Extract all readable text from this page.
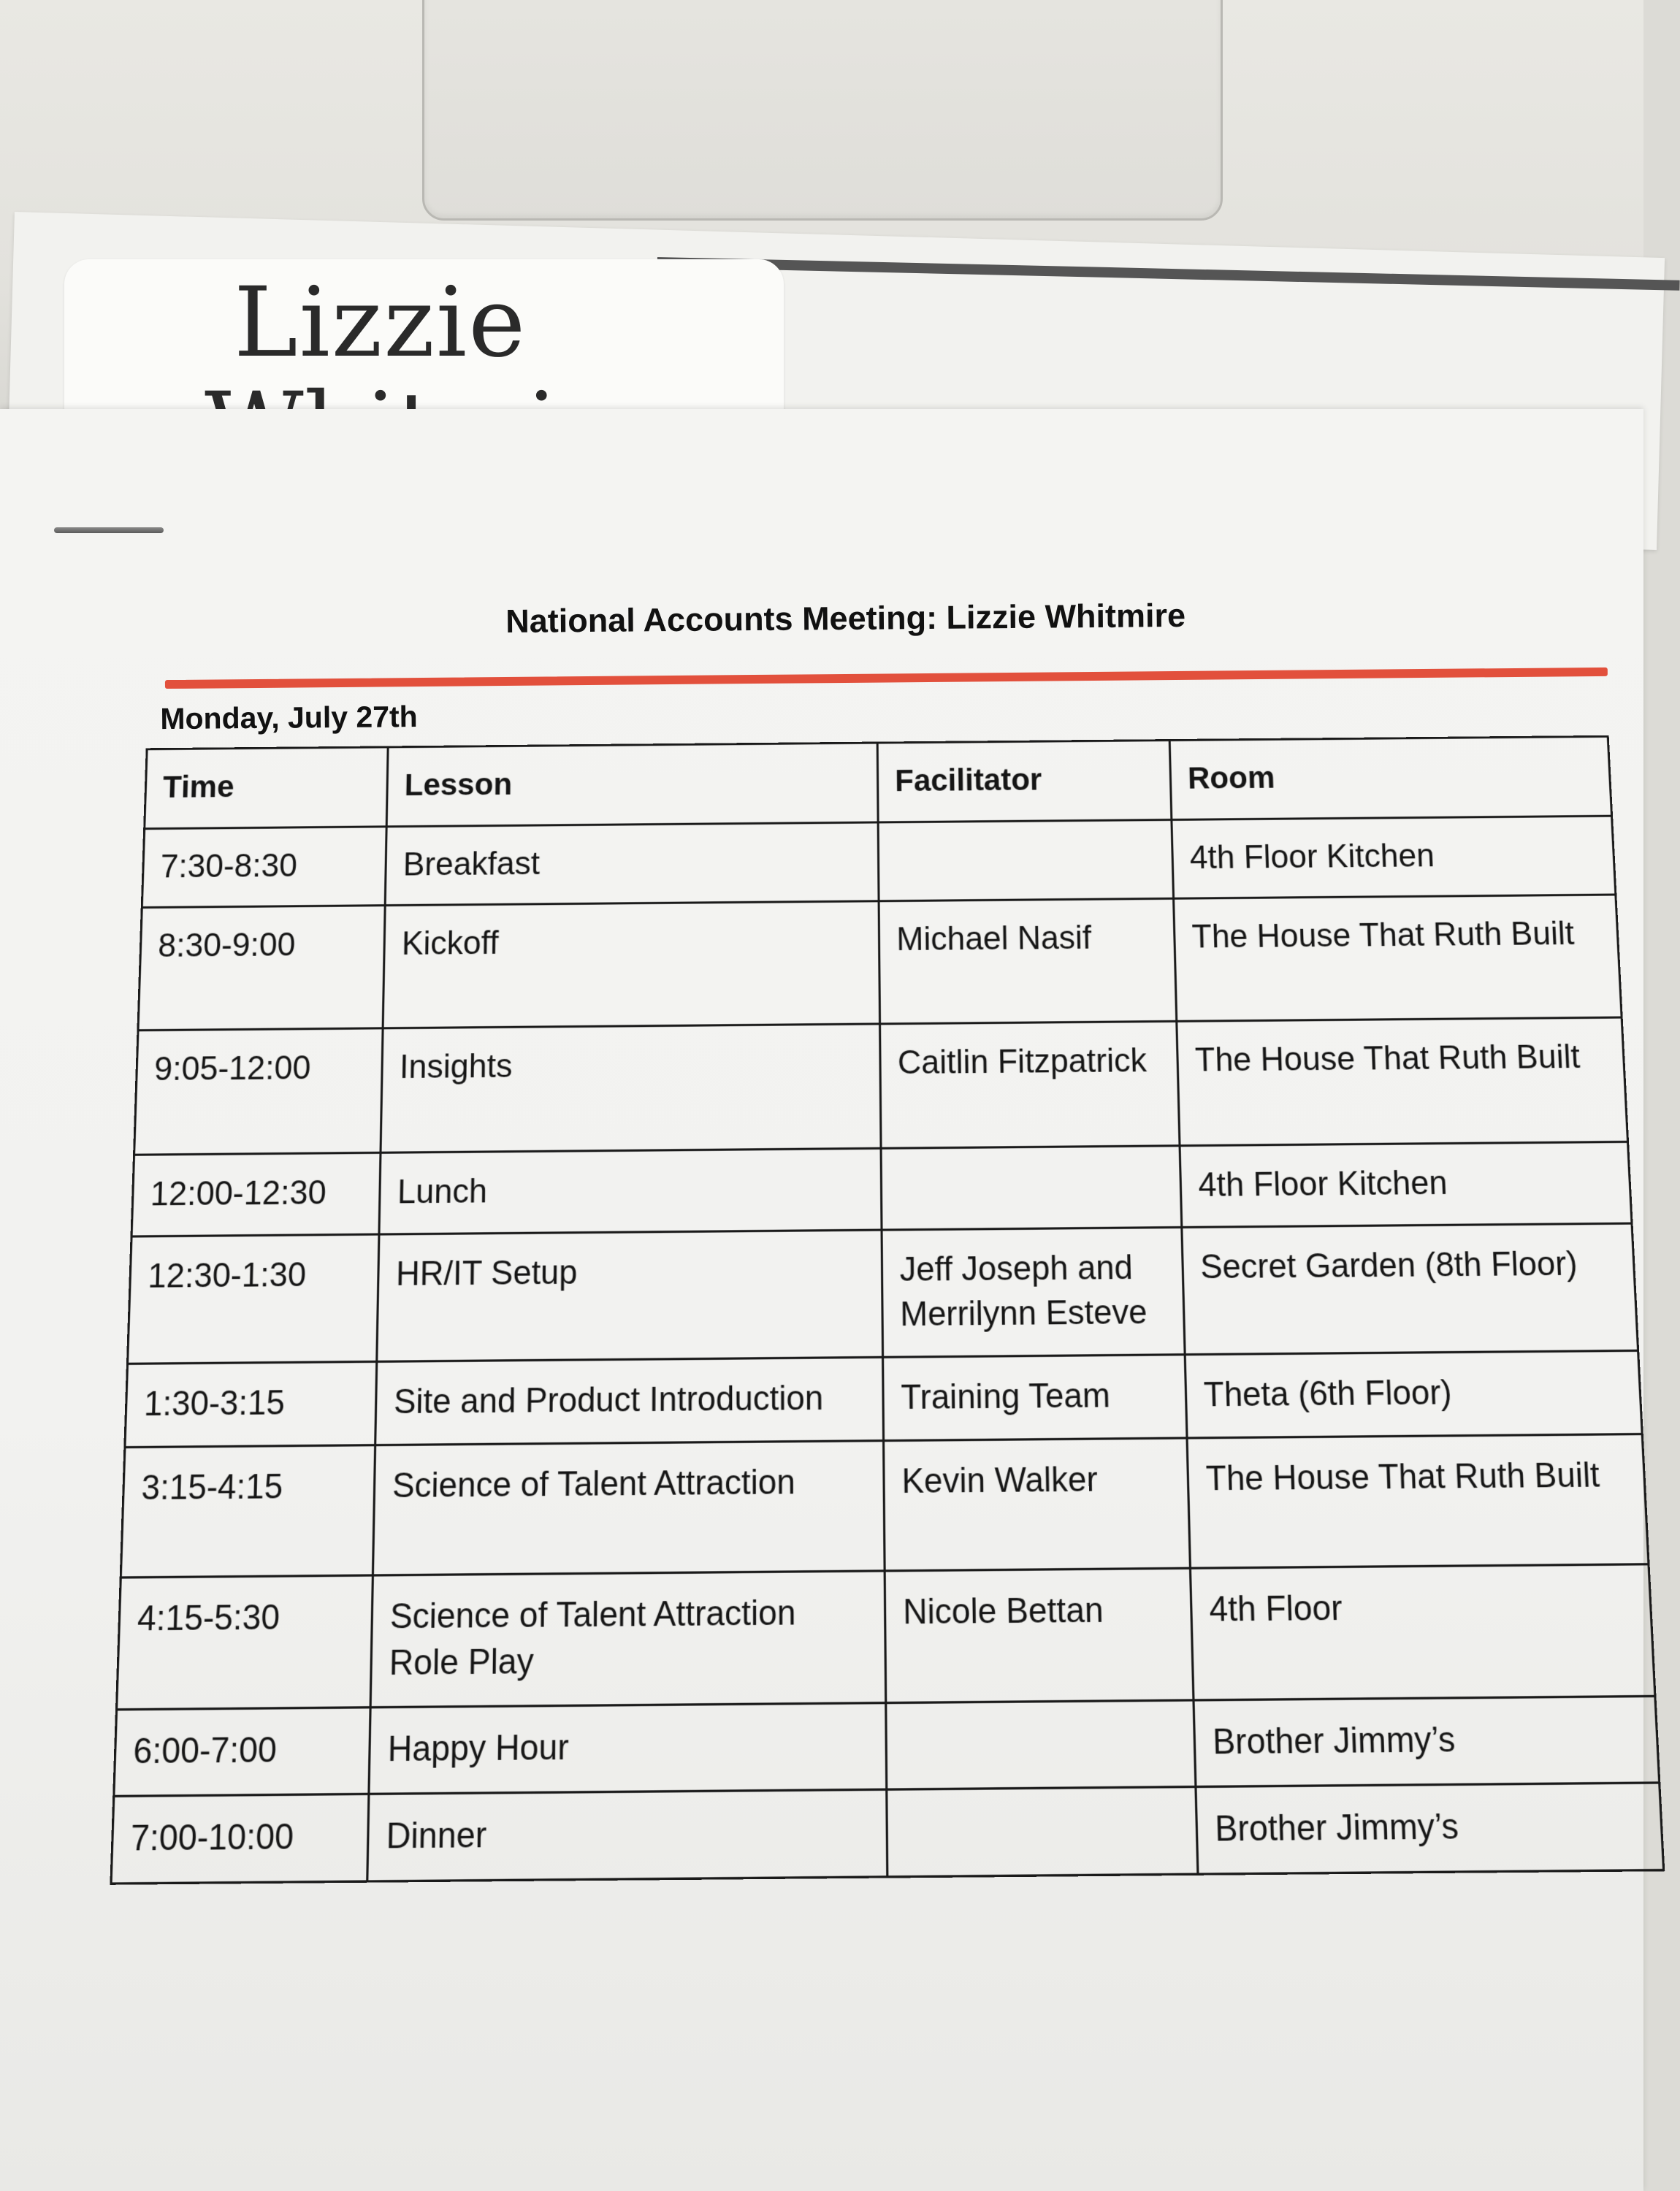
Lizzie
National Accounts Meeting: Lizzie Whitmire
Monday, July 27th
Time	Lesson	Facilitator	Room
7:30-8:30	Breakfast		4th Floor Kitchen
8:30-9:00	Kickoff	Michael Nasif	The House That Ruth Built
9:05-12:00	Insights	Caitlin Fitzpatrick	The House That Ruth Built
12:00-12:30	Lunch		4th Floor Kitchen
12:30-1:30	HR/IT Setup	Jeff Joseph and Merrilynn Esteve	Secret Garden (8th Floor)
1:30-3:15	Site and Product Introduction	Training Team	Theta (6th Floor)
3:15-4:15	Science of Talent Attraction	Kevin Walker	The House That Ruth Built
4:15-5:30	Science of Talent Attraction Role Play	Nicole Bettan	4th Floor
6:00-7:00	Happy Hour		Brother Jimmy’s
7:00-10:00	Dinner		Brother Jimmy’s
